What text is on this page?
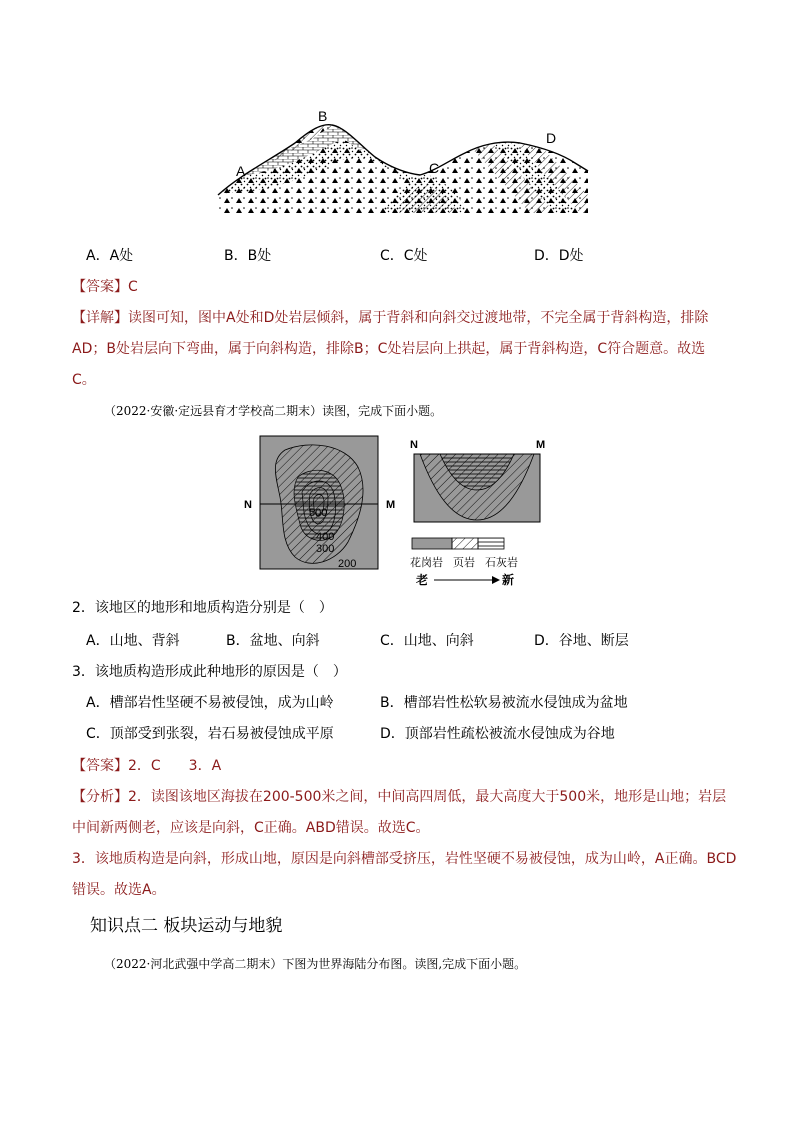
A
B
C
D
A．A处	B．B处	C．C处	D．D处
【答案】C
【详解】读图可知，图中A处和D处岩层倾斜，属于背斜和向斜交过渡地带，不完全属于背斜构造，排除
AD；B处岩层向下弯曲，属于向斜构造，排除B；C处岩层向上拱起，属于背斜构造，C符合题意。故选
C。
（2022·安徽·定远县育才学校高二期末）读图，完成下面小题。
N	M
500
400
300
200
N	M
花岗岩 页岩 石灰岩
老	新
2．该地区的地形和地质构造分别是（　）
A．山地、背斜	B．盆地、向斜	C．山地、向斜	D．谷地、断层
3．该地质构造形成此种地形的原因是（　）
A．槽部岩性坚硬不易被侵蚀，成为山岭	B．槽部岩性松软易被流水侵蚀成为盆地
C．顶部受到张裂，岩石易被侵蚀成平原	D．顶部岩性疏松被流水侵蚀成为谷地
【答案】2．C　　3．A
【分析】2．读图该地区海拔在200-500米之间，中间高四周低，最大高度大于500米，地形是山地；岩层
中间新两侧老，应该是向斜，C正确。ABD错误。故选C。
3．该地质构造是向斜，形成山地，原因是向斜槽部受挤压，岩性坚硬不易被侵蚀，成为山岭，A正确。BCD
错误。故选A。
知识点二 板块运动与地貌
（2022·河北武强中学高二期末）下图为世界海陆分布图。读图,完成下面小题。
